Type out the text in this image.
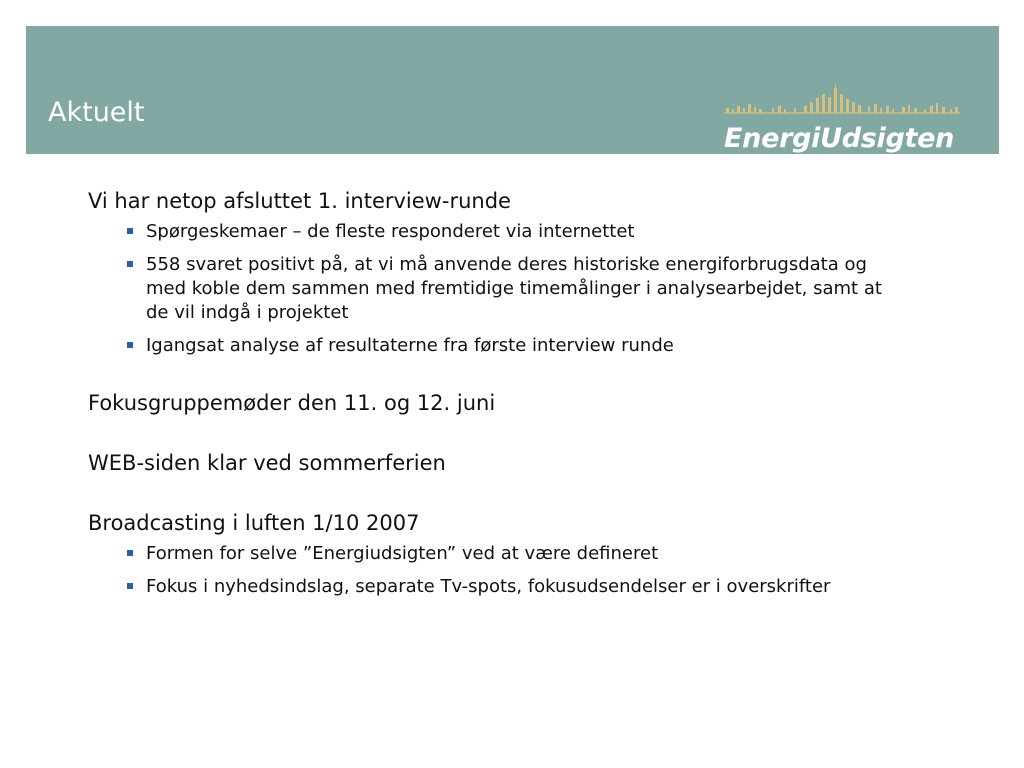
Aktuelt
EnergiUdsigten

Vi har netop afsluttet 1. interview-runde

Spørgeskemaer – de fleste responderet via internettet
558 svaret positivt på, at vi må anvende deres historiske energiforbrugsdata og med koble dem sammen med fremtidige timemålinger i analysearbejdet, samt at de vil indgå i projektet
Igangsat analyse af resultaterne fra første interview runde

Fokusgruppemøder den 11. og 12. juni

WEB-siden klar ved sommerferien

Broadcasting i luften 1/10 2007

Formen for selve ”Energiudsigten” ved at være defineret
Fokus i nyhedsindslag, separate Tv-spots, fokusudsendelser er i overskrifter
